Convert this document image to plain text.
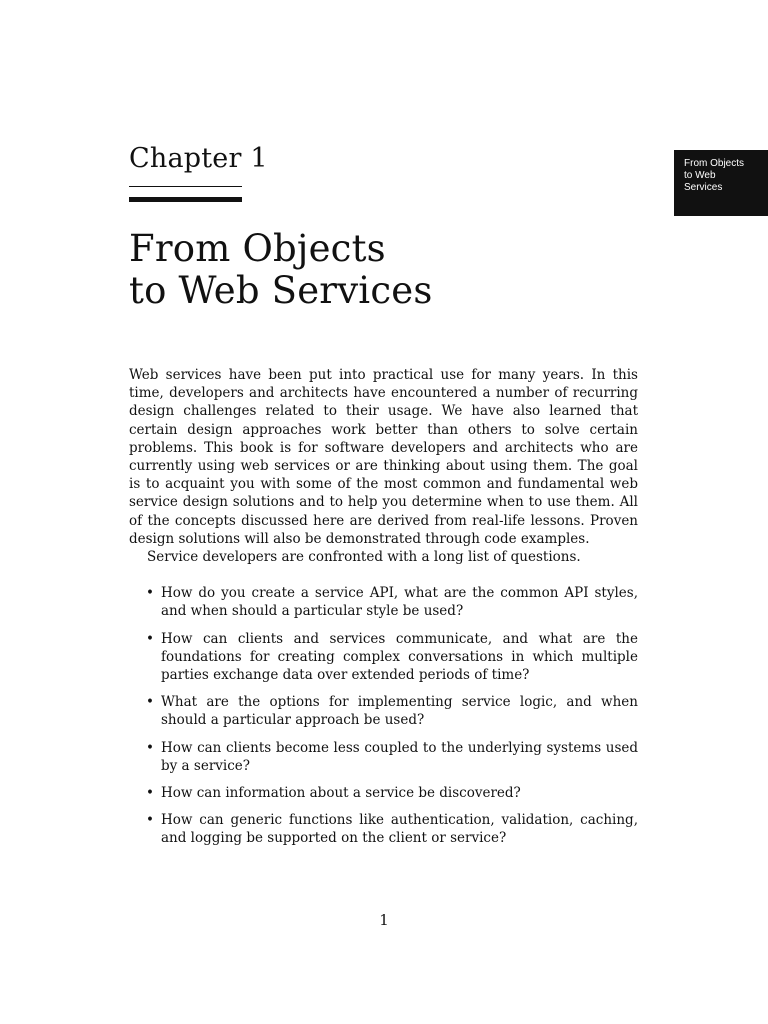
Chapter 1
From Objects
to Web Services
From Objects
to Web
Services

Web services have been put into practical use for many years. In this time, developers and architects have encountered a number of recurring design challenges related to their usage. We have also learned that certain design approaches work better than others to solve certain problems. This book is for software developers and architects who are currently using web services or are thinking about using them. The goal is to acquaint you with some of the most common and fundamental web service design solutions and to help you determine when to use them. All of the concepts discussed here are derived from real-life lessons. Proven design solutions will also be demonstrated through code examples.

Service developers are confronted with a long list of questions.

• How do you create a service API, what are the common API styles, and when should a particular style be used?
• How can clients and services communicate, and what are the foundations for creating complex conversations in which multiple parties exchange data over extended periods of time?
• What are the options for implementing service logic, and when should a particular approach be used?
• How can clients become less coupled to the underlying systems used by a service?
• How can information about a service be discovered?
• How can generic functions like authentication, validation, caching, and logging be supported on the client or service?
1
